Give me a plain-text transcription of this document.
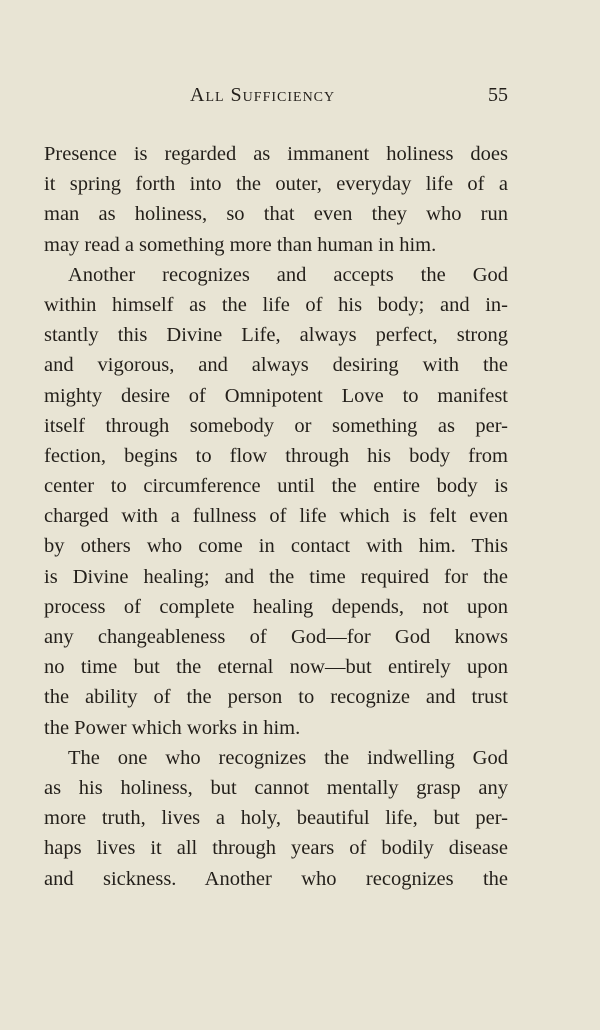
All Sufficiency	55
Presence is regarded as immanent holiness does
it spring forth into the outer, everyday life of a
man as holiness, so that even they who run
may read a something more than human in him.
Another recognizes and accepts the God
within himself as the life of his body; and in-
stantly this Divine Life, always perfect, strong
and vigorous, and always desiring with the
mighty desire of Omnipotent Love to manifest
itself through somebody or something as per-
fection, begins to flow through his body from
center to circumference until the entire body is
charged with a fullness of life which is felt even
by others who come in contact with him. This
is Divine healing; and the time required for the
process of complete healing depends, not upon
any changeableness of God—for God knows
no time but the eternal now—but entirely upon
the ability of the person to recognize and trust
the Power which works in him.
The one who recognizes the indwelling God
as his holiness, but cannot mentally grasp any
more truth, lives a holy, beautiful life, but per-
haps lives it all through years of bodily disease
and sickness. Another who recognizes the
